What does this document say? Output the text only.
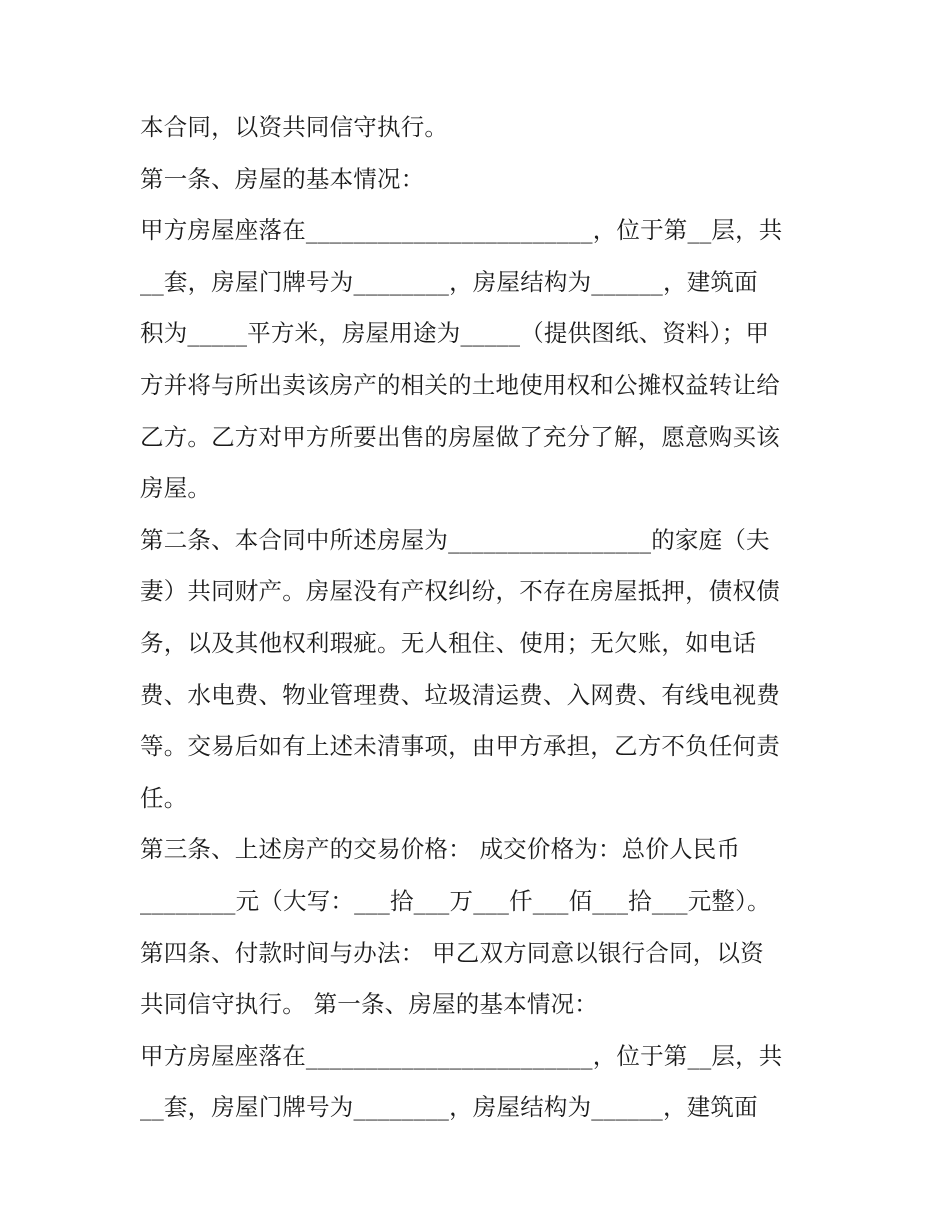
本合同，以资共同信守执行。
第一条、房屋的基本情况：
甲方房屋座落在________________________，位于第__层，共
__套，房屋门牌号为________，房屋结构为______，建筑面
积为_____平方米，房屋用途为_____（提供图纸、资料）；甲
方并将与所出卖该房产的相关的土地使用权和公摊权益转让给
乙方。乙方对甲方所要出售的房屋做了充分了解，愿意购买该
房屋。
第二条、本合同中所述房屋为_________________的家庭（夫
妻）共同财产。房屋没有产权纠纷，不存在房屋抵押，债权债
务，以及其他权利瑕疵。无人租住、使用；无欠账，如电话
费、水电费、物业管理费、垃圾清运费、入网费、有线电视费
等。交易后如有上述未清事项，由甲方承担，乙方不负任何责
任。
第三条、上述房产的交易价格： 成交价格为：总价人民币
________元（大写：___拾___万___仟___佰___拾___元整）。
第四条、付款时间与办法： 甲乙双方同意以银行合同，以资
共同信守执行。 第一条、房屋的基本情况：
甲方房屋座落在________________________，位于第__层，共
__套，房屋门牌号为________，房屋结构为______，建筑面
